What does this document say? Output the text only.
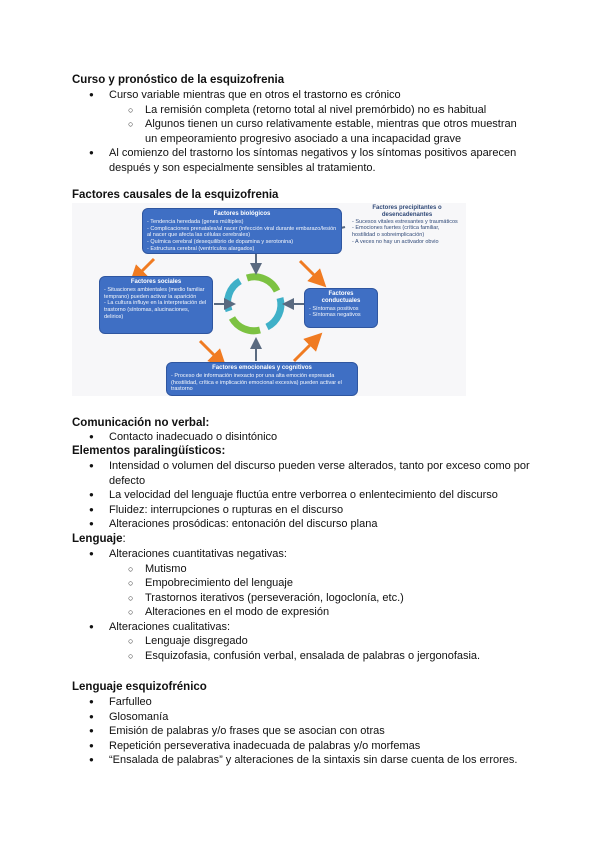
Curso y pronóstico de la esquizofrenia
● Curso variable mientras que en otros el trastorno es crónico
○ La remisión completa (retorno total al nivel premórbido) no es habitual
○ Algunos tienen un curso relativamente estable, mientras que otros muestran un empeoramiento progresivo asociado a una incapacidad grave
● Al comienzo del trastorno los síntomas negativos y los síntomas positivos aparecen después y son especialmente sensibles al tratamiento.
Factores causales de la esquizofrenia
Factores biológicos
- Tendencia heredada (genes múltiples)
- Complicaciones prenatales/al nacer (infección viral durante embarazo/lesión al nacer que afecta las células cerebrales)
- Química cerebral (desequilibrio de dopamina y serotonina)
- Estructura cerebral (ventrículos alargados)
Factores precipitantes o desencadenantes
- Sucesos vitales estresantes y traumáticos
- Emociones fuertes (crítica familiar, hostilidad o sobreimplicación)
- A veces no hay un activador obvio
Factores sociales
- Situaciones ambientales (medio familiar temprano) pueden activar la aparición
- La cultura influye en la interpretación del trastorno (síntomas, alucinaciones, delirios)
Factores conductuales
- Síntomas positivos
- Síntomas negativos
Factores emocionales y cognitivos
- Proceso de información inexacto por una alta emoción expresada (hostilidad, crítica e implicación emocional excesiva) pueden activar el trastorno
Comunicación no verbal:
● Contacto inadecuado o disintónico
Elementos paralingüísticos:
● Intensidad o volumen del discurso pueden verse alterados, tanto por exceso como por defecto
● La velocidad del lenguaje fluctúa entre verborrea o enlentecimiento del discurso
● Fluidez: interrupciones o rupturas en el discurso
● Alteraciones prosódicas: entonación del discurso plana
Lenguaje:
● Alteraciones cuantitativas negativas:
○ Mutismo
○ Empobrecimiento del lenguaje
○ Trastornos iterativos (perseveración, logoclonía, etc.)
○ Alteraciones en el modo de expresión
● Alteraciones cualitativas:
○ Lenguaje disgregado
○ Esquizofasia, confusión verbal, ensalada de palabras o jergonofasia.
Lenguaje esquizofrénico
● Farfulleo
● Glosomanía
● Emisión de palabras y/o frases que se asocian con otras
● Repetición perseverativa inadecuada de palabras y/o morfemas
● “Ensalada de palabras” y alteraciones de la sintaxis sin darse cuenta de los errores.
